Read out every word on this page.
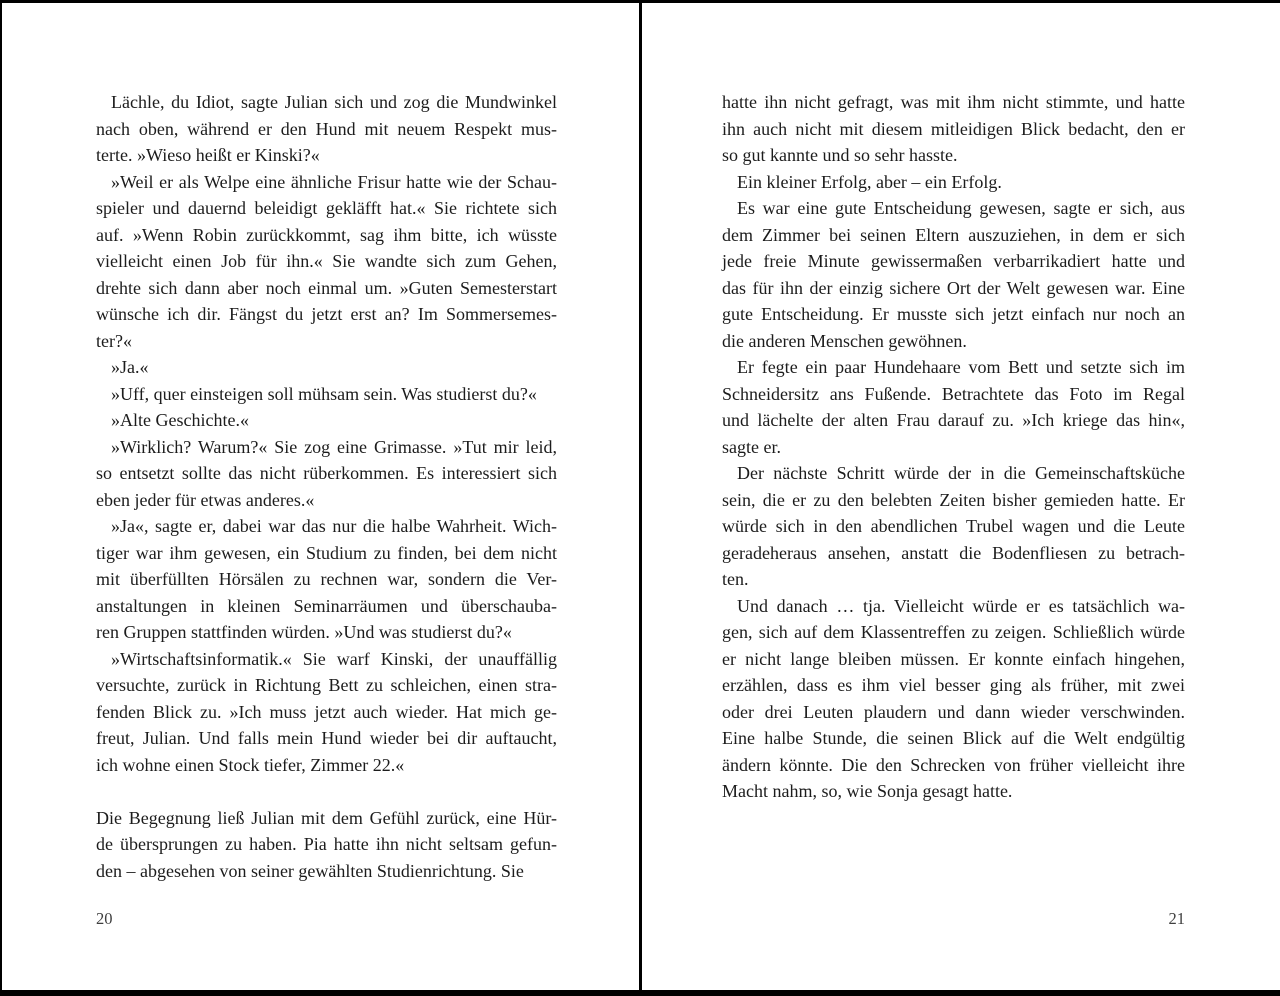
Lächle, du Idiot, sagte Julian sich und zog die Mundwinkel
nach oben, während er den Hund mit neuem Respekt mus-
terte. »Wieso heißt er Kinski?«
»Weil er als Welpe eine ähnliche Frisur hatte wie der Schau-
spieler und dauernd beleidigt gekläfft hat.« Sie richtete sich
auf. »Wenn Robin zurückkommt, sag ihm bitte, ich wüsste
vielleicht einen Job für ihn.« Sie wandte sich zum Gehen,
drehte sich dann aber noch einmal um. »Guten Semesterstart
wünsche ich dir. Fängst du jetzt erst an? Im Sommersemes-
ter?«
»Ja.«
»Uff, quer einsteigen soll mühsam sein. Was studierst du?«
»Alte Geschichte.«
»Wirklich? Warum?« Sie zog eine Grimasse. »Tut mir leid,
so entsetzt sollte das nicht rüberkommen. Es interessiert sich
eben jeder für etwas anderes.«
»Ja«, sagte er, dabei war das nur die halbe Wahrheit. Wich-
tiger war ihm gewesen, ein Studium zu finden, bei dem nicht
mit überfüllten Hörsälen zu rechnen war, sondern die Ver-
anstaltungen in kleinen Seminarräumen und überschauba-
ren Gruppen stattfinden würden. »Und was studierst du?«
»Wirtschaftsinformatik.« Sie warf Kinski, der unauffällig
versuchte, zurück in Richtung Bett zu schleichen, einen stra-
fenden Blick zu. »Ich muss jetzt auch wieder. Hat mich ge-
freut, Julian. Und falls mein Hund wieder bei dir auftaucht,
ich wohne einen Stock tiefer, Zimmer 22.«
Die Begegnung ließ Julian mit dem Gefühl zurück, eine Hür-
de übersprungen zu haben. Pia hatte ihn nicht seltsam gefun-
den – abgesehen von seiner gewählten Studienrichtung. Sie
20
hatte ihn nicht gefragt, was mit ihm nicht stimmte, und hatte
ihn auch nicht mit diesem mitleidigen Blick bedacht, den er
so gut kannte und so sehr hasste.
Ein kleiner Erfolg, aber – ein Erfolg.
Es war eine gute Entscheidung gewesen, sagte er sich, aus
dem Zimmer bei seinen Eltern auszuziehen, in dem er sich
jede freie Minute gewissermaßen verbarrikadiert hatte und
das für ihn der einzig sichere Ort der Welt gewesen war. Eine
gute Entscheidung. Er musste sich jetzt einfach nur noch an
die anderen Menschen gewöhnen.
Er fegte ein paar Hundehaare vom Bett und setzte sich im
Schneidersitz ans Fußende. Betrachtete das Foto im Regal
und lächelte der alten Frau darauf zu. »Ich kriege das hin«,
sagte er.
Der nächste Schritt würde der in die Gemeinschaftsküche
sein, die er zu den belebten Zeiten bisher gemieden hatte. Er
würde sich in den abendlichen Trubel wagen und die Leute
geradeheraus ansehen, anstatt die Bodenfliesen zu betrach-
ten.
Und danach … tja. Vielleicht würde er es tatsächlich wa-
gen, sich auf dem Klassentreffen zu zeigen. Schließlich würde
er nicht lange bleiben müssen. Er konnte einfach hingehen,
erzählen, dass es ihm viel besser ging als früher, mit zwei
oder drei Leuten plaudern und dann wieder verschwinden.
Eine halbe Stunde, die seinen Blick auf die Welt endgültig
ändern könnte. Die den Schrecken von früher vielleicht ihre
Macht nahm, so, wie Sonja gesagt hatte.
21
